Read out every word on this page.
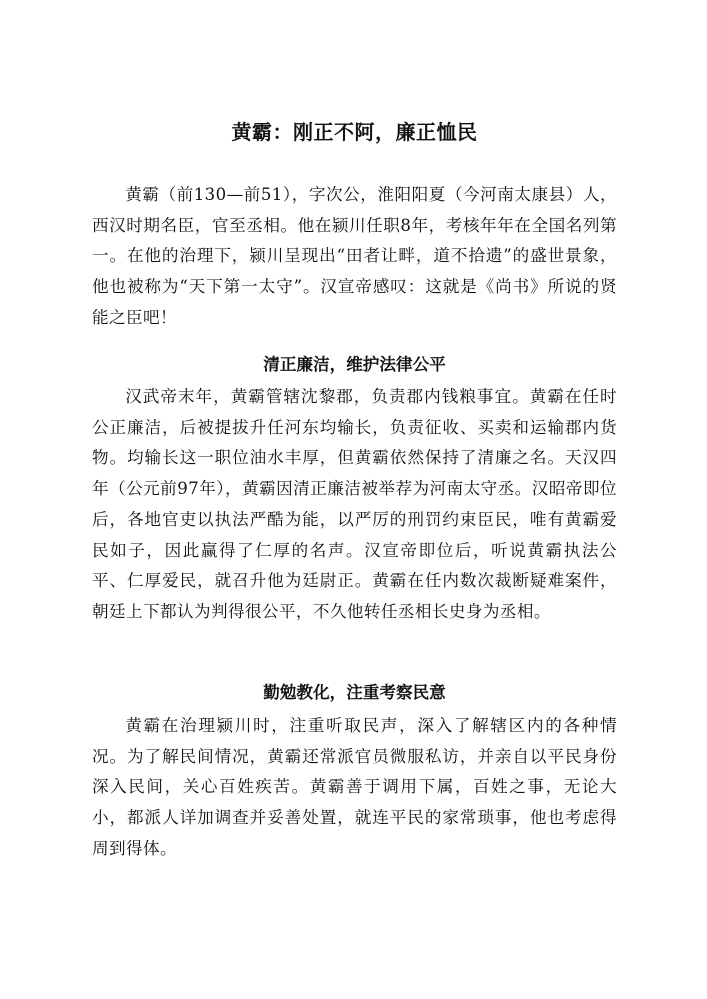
黄霸：刚正不阿，廉正恤民

黄霸（前130—前51），字次公，淮阳阳夏（今河南太康县）人，西汉时期名臣，官至丞相。他在颍川任职8年，考核年年在全国名列第一。在他的治理下，颍川呈现出“田者让畔，道不拾遗”的盛世景象，他也被称为“天下第一太守”。汉宣帝感叹：这就是《尚书》所说的贤能之臣吧！

清正廉洁，维护法律公平

汉武帝末年，黄霸管辖沈黎郡，负责郡内钱粮事宜。黄霸在任时公正廉洁，后被提拔升任河东均输长，负责征收、买卖和运输郡内货物。均输长这一职位油水丰厚，但黄霸依然保持了清廉之名。天汉四年（公元前97年），黄霸因清正廉洁被举荐为河南太守丞。汉昭帝即位后，各地官吏以执法严酷为能，以严厉的刑罚约束臣民，唯有黄霸爱民如子，因此赢得了仁厚的名声。汉宣帝即位后，听说黄霸执法公平、仁厚爱民，就召升他为廷尉正。黄霸在任内数次裁断疑难案件，朝廷上下都认为判得很公平，不久他转任丞相长史身为丞相。

勤勉教化，注重考察民意

黄霸在治理颍川时，注重听取民声，深入了解辖区内的各种情况。为了解民间情况，黄霸还常派官员微服私访，并亲自以平民身份深入民间，关心百姓疾苦。黄霸善于调用下属，百姓之事，无论大小，都派人详加调查并妥善处置，就连平民的家常琐事，他也考虑得周到得体。
